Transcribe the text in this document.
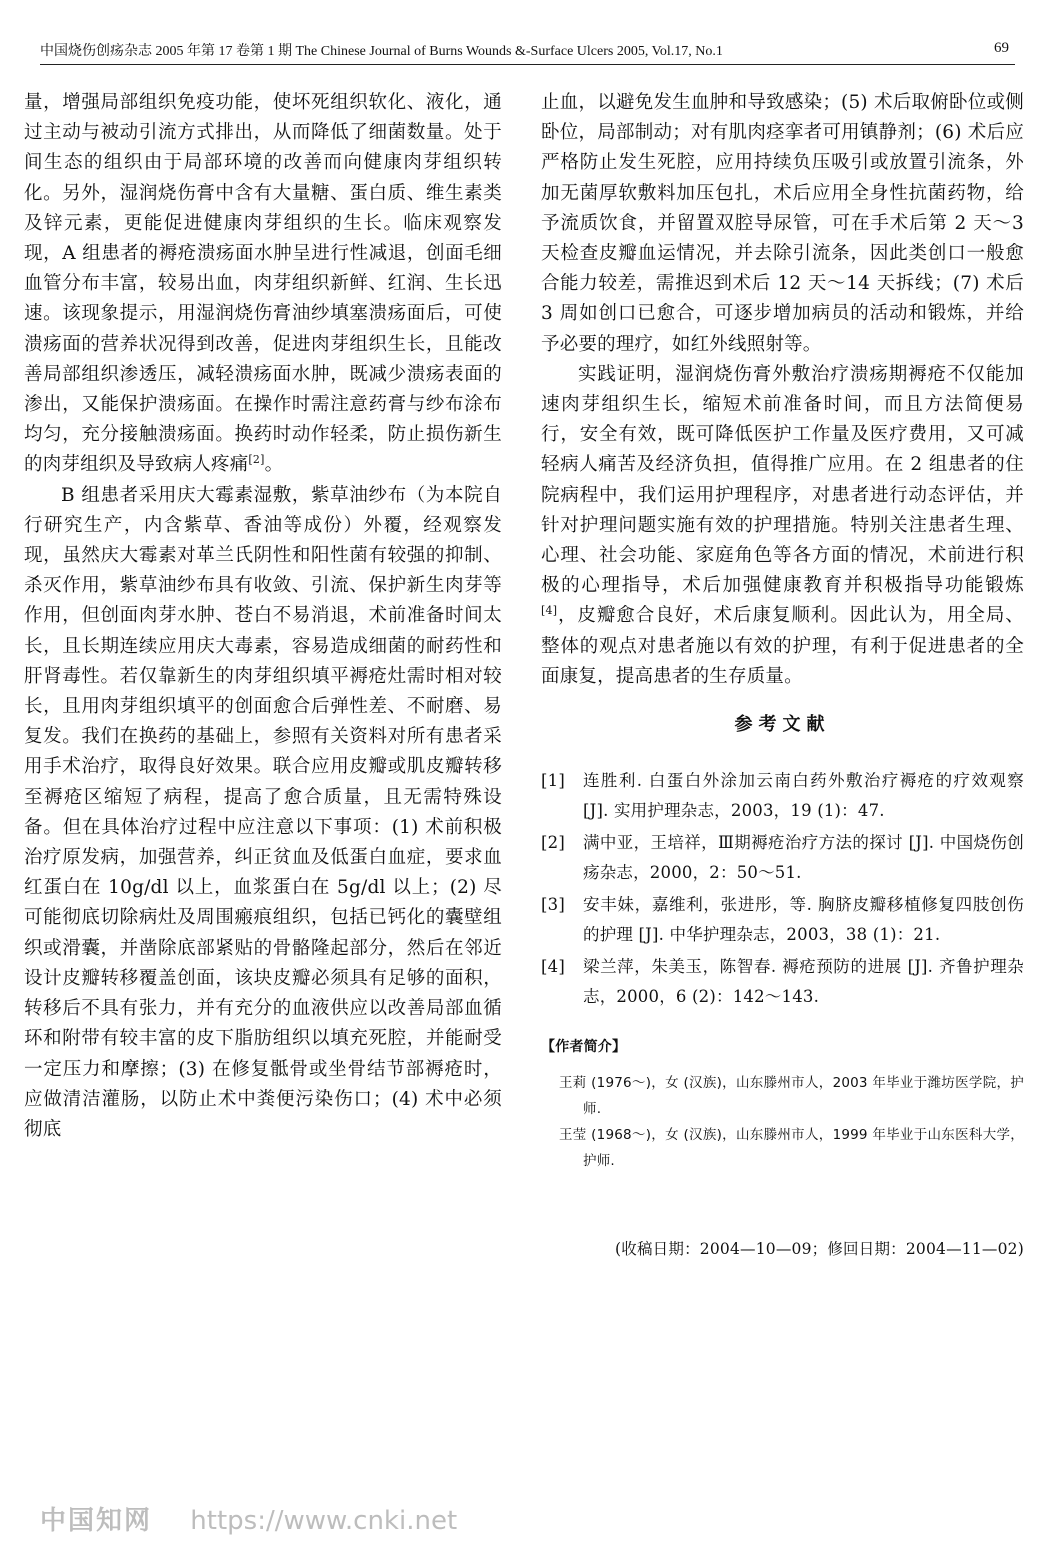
中国烧伤创疡杂志 2005 年第 17 卷第 1 期 The Chinese Journal of Burns Wounds &-Surface Ulcers 2005, Vol.17, No.1	69

量，增强局部组织免疫功能，使坏死组织软化、液化，通过主动与被动引流方式排出，从而降低了细菌数量。处于间生态的组织由于局部环境的改善而向健康肉芽组织转化。另外，湿润烧伤膏中含有大量糖、蛋白质、维生素类及锌元素，更能促进健康肉芽组织的生长。临床观察发现，A 组患者的褥疮溃疡面水肿呈进行性减退，创面毛细血管分布丰富，较易出血，肉芽组织新鲜、红润、生长迅速。该现象提示，用湿润烧伤膏油纱填塞溃疡面后，可使溃疡面的营养状况得到改善，促进肉芽组织生长，且能改善局部组织渗透压，减轻溃疡面水肿，既减少溃疡表面的渗出，又能保护溃疡面。在操作时需注意药膏与纱布涂布均匀，充分接触溃疡面。换药时动作轻柔，防止损伤新生的肉芽组织及导致病人疼痛[2]。

B 组患者采用庆大霉素湿敷，紫草油纱布（为本院自行研究生产，内含紫草、香油等成份）外覆，经观察发现，虽然庆大霉素对革兰氏阴性和阳性菌有较强的抑制、杀灭作用，紫草油纱布具有收敛、引流、保护新生肉芽等作用，但创面肉芽水肿、苍白不易消退，术前准备时间太长，且长期连续应用庆大毒素，容易造成细菌的耐药性和肝肾毒性。若仅靠新生的肉芽组织填平褥疮灶需时相对较长，且用肉芽组织填平的创面愈合后弹性差、不耐磨、易复发。我们在换药的基础上，参照有关资料对所有患者采用手术治疗，取得良好效果。联合应用皮瓣或肌皮瓣转移至褥疮区缩短了病程，提高了愈合质量，且无需特殊设备。但在具体治疗过程中应注意以下事项：(1) 术前积极治疗原发病，加强营养，纠正贫血及低蛋白血症，要求血红蛋白在 10g/dl 以上，血浆蛋白在 5g/dl 以上；(2) 尽可能彻底切除病灶及周围瘢痕组织，包括已钙化的囊壁组织或滑囊，并凿除底部紧贴的骨骼隆起部分，然后在邻近设计皮瓣转移覆盖创面，该块皮瓣必须具有足够的面积，转移后不具有张力，并有充分的血液供应以改善局部血循环和附带有较丰富的皮下脂肪组织以填充死腔，并能耐受一定压力和摩擦；(3) 在修复骶骨或坐骨结节部褥疮时，应做清洁灌肠，以防止术中粪便污染伤口；(4) 术中必须彻底

止血，以避免发生血肿和导致感染；(5) 术后取俯卧位或侧卧位，局部制动；对有肌肉痉挛者可用镇静剂；(6) 术后应严格防止发生死腔，应用持续负压吸引或放置引流条，外加无菌厚软敷料加压包扎，术后应用全身性抗菌药物，给予流质饮食，并留置双腔导尿管，可在手术后第 2 天～3 天检查皮瓣血运情况，并去除引流条，因此类创口一般愈合能力较差，需推迟到术后 12 天～14 天拆线；(7) 术后 3 周如创口已愈合，可逐步增加病员的活动和锻炼，并给予必要的理疗，如红外线照射等。

实践证明，湿润烧伤膏外敷治疗溃疡期褥疮不仅能加速肉芽组织生长，缩短术前准备时间，而且方法简便易行，安全有效，既可降低医护工作量及医疗费用，又可减轻病人痛苦及经济负担，值得推广应用。在 2 组患者的住院病程中，我们运用护理程序，对患者进行动态评估，并针对护理问题实施有效的护理措施。特别关注患者生理、心理、社会功能、家庭角色等各方面的情况，术前进行积极的心理指导，术后加强健康教育并积极指导功能锻炼[4]，皮瓣愈合良好，术后康复顺利。因此认为，用全局、整体的观点对患者施以有效的护理，有利于促进患者的全面康复，提高患者的生存质量。

参考文献
[1] 连胜利. 白蛋白外涂加云南白药外敷治疗褥疮的疗效观察 [J]. 实用护理杂志，2003，19 (1)：47.
[2] 满中亚，王培祥，Ⅲ期褥疮治疗方法的探讨 [J]. 中国烧伤创疡杂志，2000，2：50～51.
[3] 安丰妹，嘉维利，张进彤，等. 胸脐皮瓣移植修复四肢创伤的护理 [J]. 中华护理杂志，2003，38 (1)：21.
[4] 梁兰萍，朱美玉，陈智春. 褥疮预防的进展 [J]. 齐鲁护理杂志，2000，6 (2)：142～143.
【作者简介】

王莉 (1976～)，女 (汉族)，山东滕州市人，2003 年毕业于潍坊医学院，护师.

王莹 (1968～)，女 (汉族)，山东滕州市人，1999 年毕业于山东医科大学，护师.

(收稿日期：2004—10—09；修回日期：2004—11—02)
中国知网 https://www.cnki.net
